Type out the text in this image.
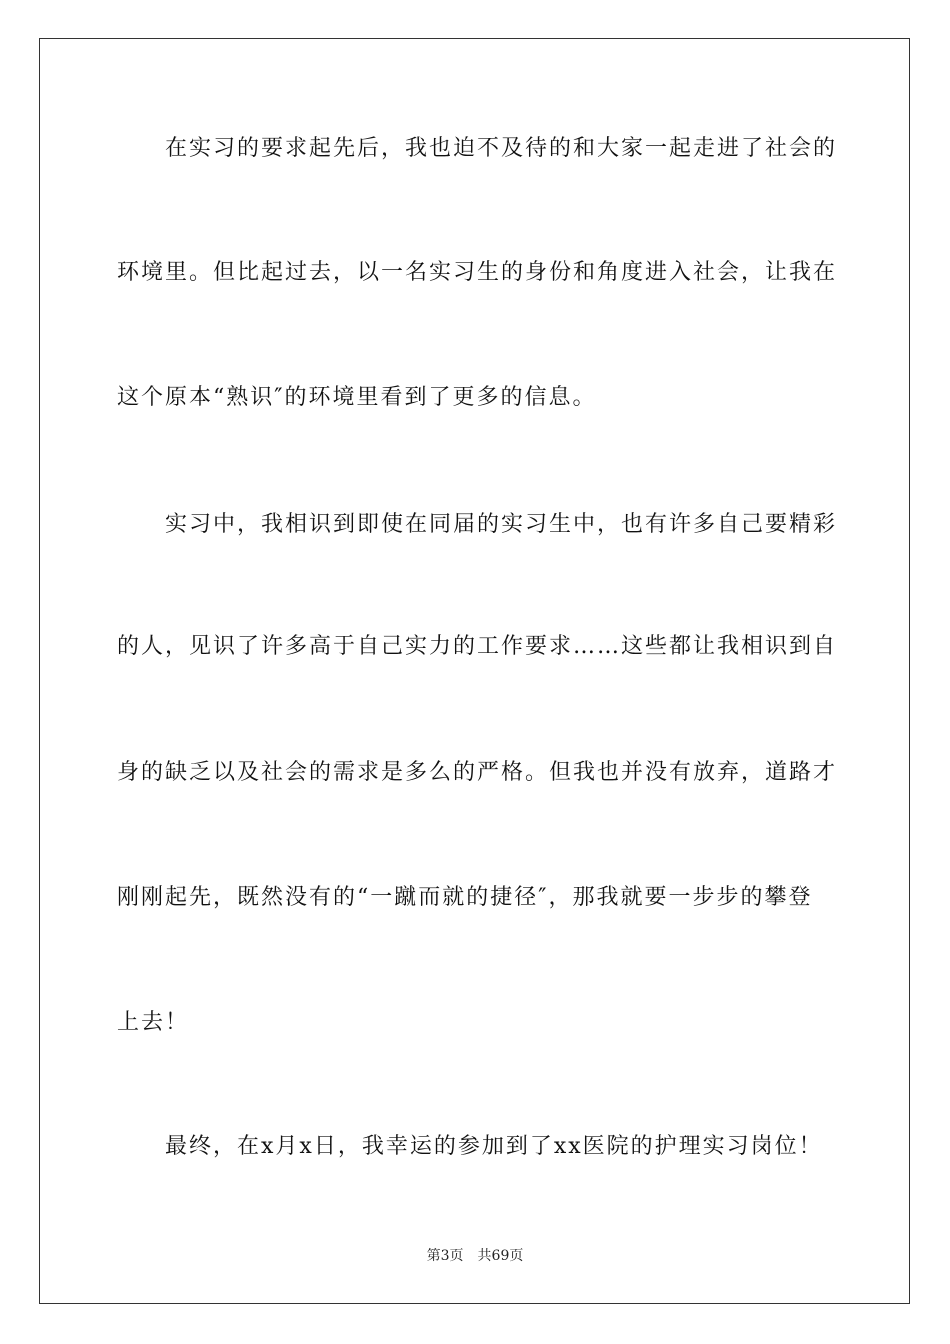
在实习的要求起先后，我也迫不及待的和大家一起走进了社会的
环境里。但比起过去，以一名实习生的身份和角度进入社会，让我在
这个原本“熟识″的环境里看到了更多的信息。
实习中，我相识到即使在同届的实习生中，也有许多自己要精彩
的人，见识了许多高于自己实力的工作要求……这些都让我相识到自
身的缺乏以及社会的需求是多么的严格。但我也并没有放弃，道路才
刚刚起先，既然没有的“一蹴而就的捷径″，那我就要一步步的攀登
上去！
最终，在x月x日，我幸运的参加到了xx医院的护理实习岗位！
第3页 共69页
